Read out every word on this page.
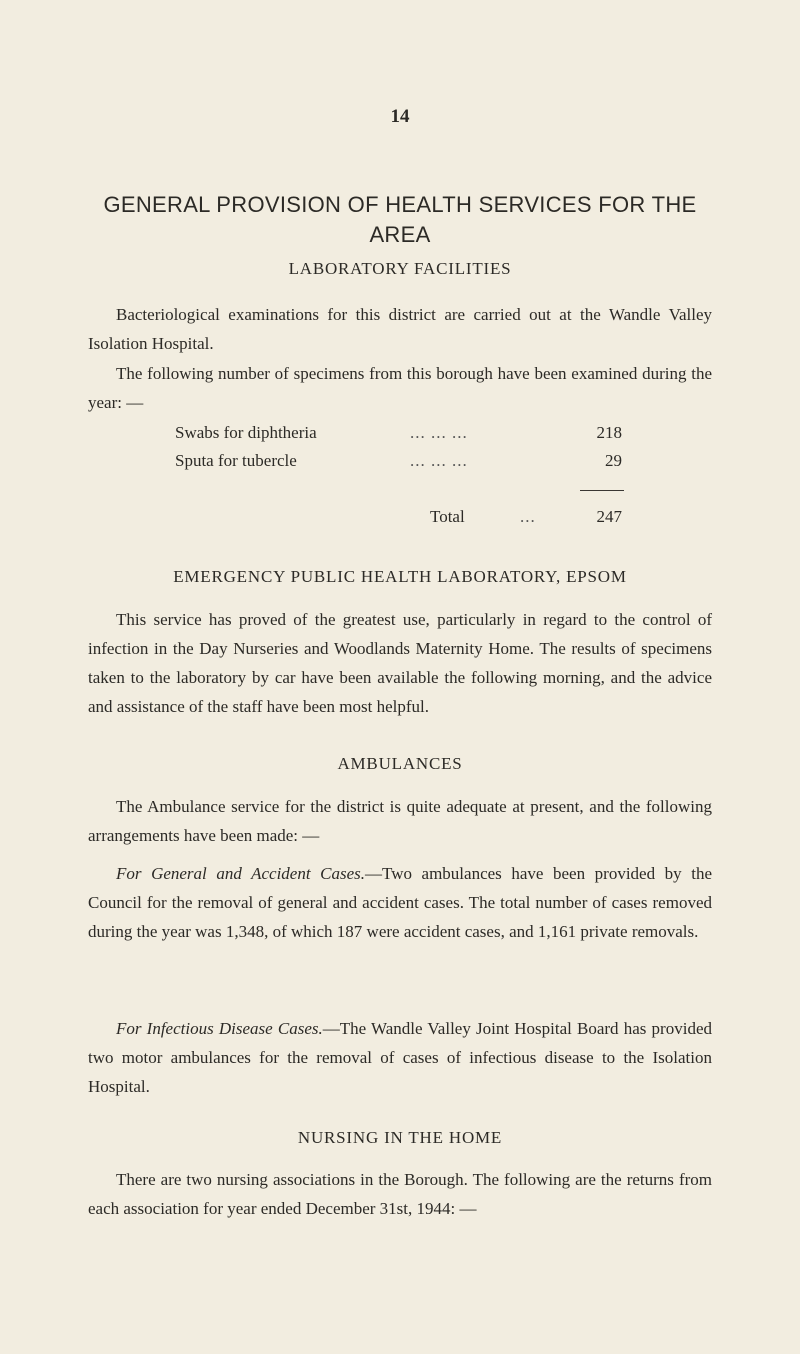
14
GENERAL PROVISION OF HEALTH SERVICES FOR THE AREA
LABORATORY FACILITIES
Bacteriological examinations for this district are carried out at the Wandle Valley Isolation Hospital.
The following number of specimens from this borough have been examined during the year: —
Swabs for diphtheria	... ... ...	218
Sputa for tubercle	... ... ...	29
Total	...	247
EMERGENCY PUBLIC HEALTH LABORATORY, EPSOM
This service has proved of the greatest use, particularly in regard to the control of infection in the Day Nurseries and Woodlands Maternity Home. The results of specimens taken to the laboratory by car have been available the following morning, and the advice and assistance of the staff have been most helpful.
AMBULANCES
The Ambulance service for the district is quite adequate at present, and the following arrangements have been made: —
For General and Accident Cases.—Two ambulances have been provided by the Council for the removal of general and accident cases. The total number of cases removed during the year was 1,348, of which 187 were accident cases, and 1,161 private removals.
For Infectious Disease Cases.—The Wandle Valley Joint Hospital Board has provided two motor ambulances for the removal of cases of infectious disease to the Isolation Hospital.
NURSING IN THE HOME
There are two nursing associations in the Borough. The following are the returns from each association for year ended December 31st, 1944: —
